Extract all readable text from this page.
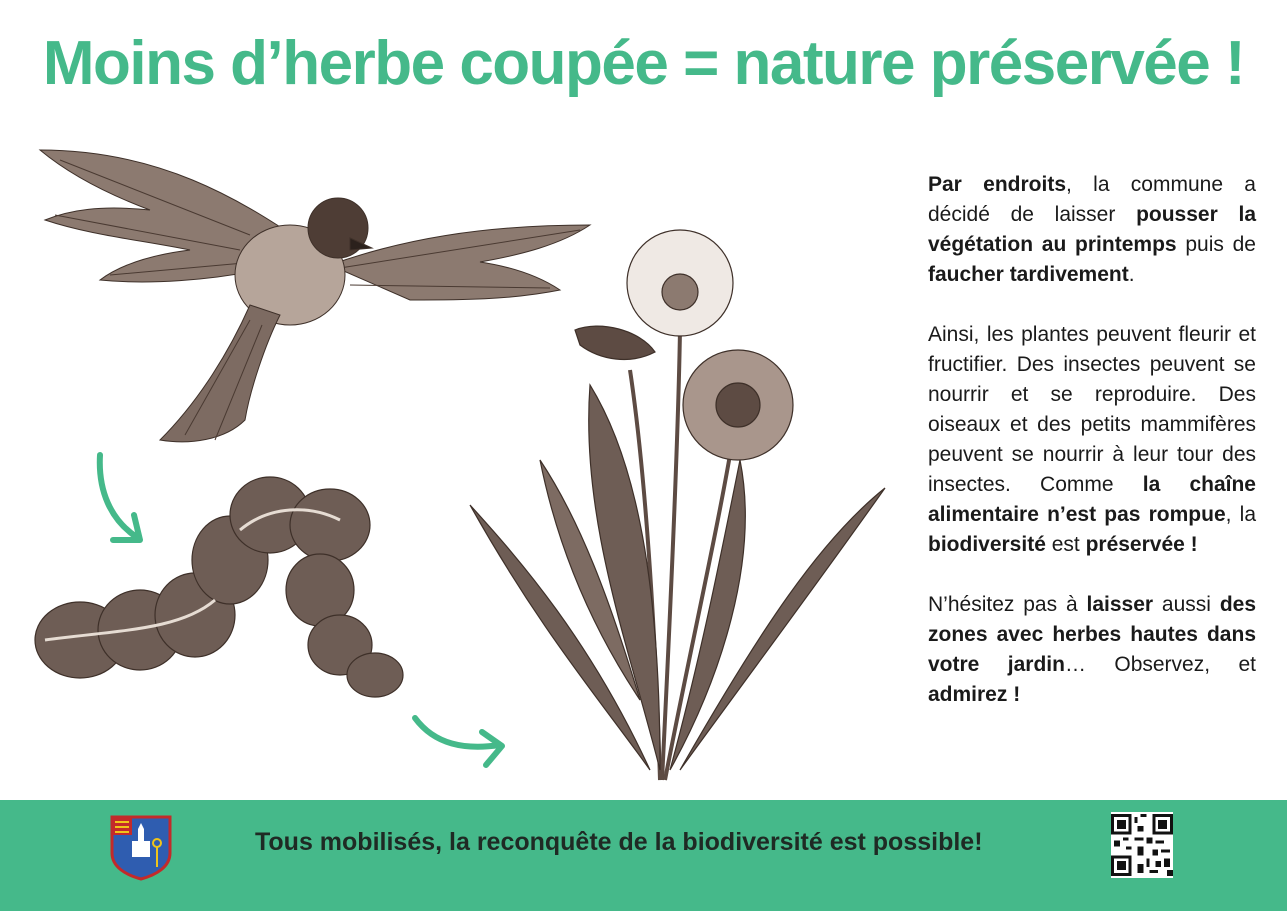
Moins d’herbe coupée = nature préservée !

Par endroits, la commune a décidé de laisser pousser la végétation au printemps puis de faucher tardivement.

Ainsi, les plantes peuvent fleurir et fructifier. Des insectes peuvent se nourrir et se reproduire. Des oiseaux et des petits mammifères peuvent se nourrir à leur tour des insectes. Comme la chaîne alimentaire n’est pas rompue, la biodiversité est préservée !

N’hésitez pas à laisser aussi des zones avec herbes hautes dans votre jardin… Observez, et admirez !

Tous mobilisés, la reconquête de la biodiversité est possible!
